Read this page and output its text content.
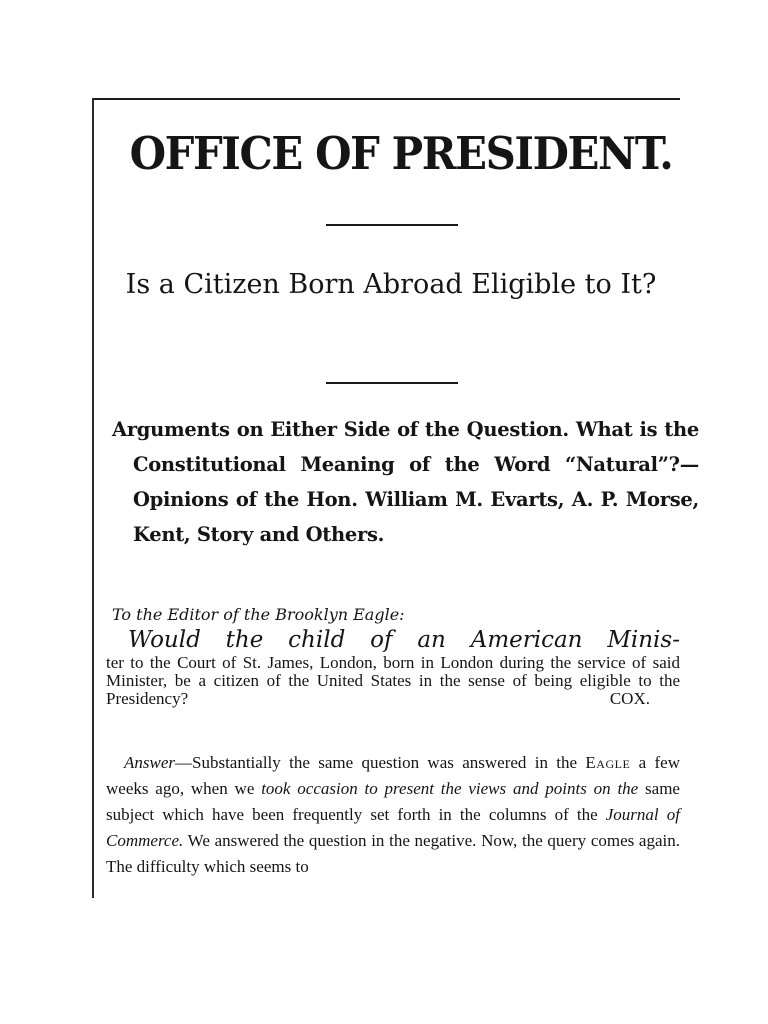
OFFICE OF PRESIDENT.
Is a Citizen Born Abroad Eligible to It?

Arguments on Either Side of the Question. What is the Constitutional Meaning of the Word “Natural”?—Opinions of the Hon. William M. Evarts, A. P. Morse, Kent, Story and Others.

To the Editor of the Brooklyn Eagle:

Would the child of an American Minis-

ter to the Court of St. James, London, born in London during the service of said Minister, be a citizen of the United States in the sense of being eligible to the Presidency?	COX.

Answer—Substantially the same question was answered in the Eagle a few weeks ago, when we took occasion to present the views and points on the same subject which have been frequently set forth in the columns of the Journal of Commerce. We answered the question in the negative. Now, the query comes again. The difficulty which seems to
